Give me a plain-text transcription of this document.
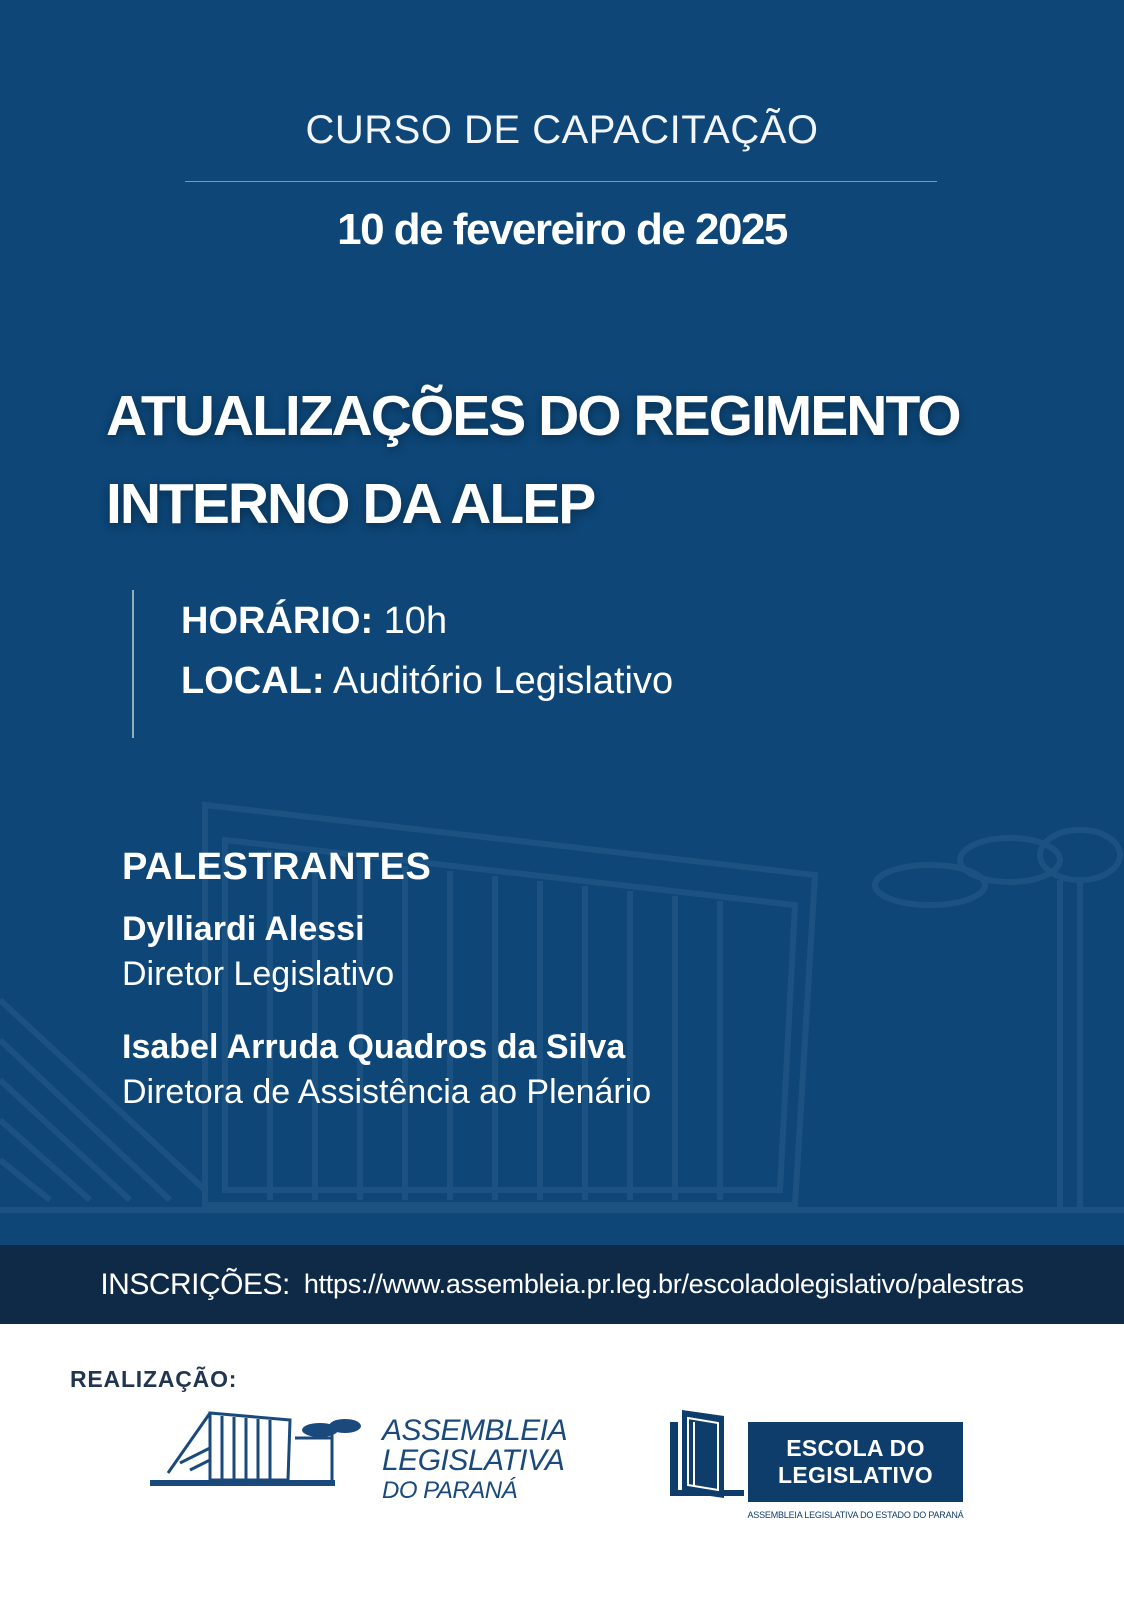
CURSO DE CAPACITAÇÃO
10 de fevereiro de 2025
ATUALIZAÇÕES DO REGIMENTO
INTERNO DA ALEP
HORÁRIO: 10h
LOCAL: Auditório Legislativo
PALESTRANTES
Dylliardi Alessi
Diretor Legislativo
Isabel Arruda Quadros da Silva
Diretora de Assistência ao Plenário
INSCRIÇÕES: https://www.assembleia.pr.leg.br/escoladolegislativo/palestras
REALIZAÇÃO:
ASSEMBLEIA
LEGISLATIVA
DO PARANÁ
ESCOLA DO
LEGISLATIVO
ASSEMBLEIA LEGISLATIVA DO ESTADO DO PARANÁ
